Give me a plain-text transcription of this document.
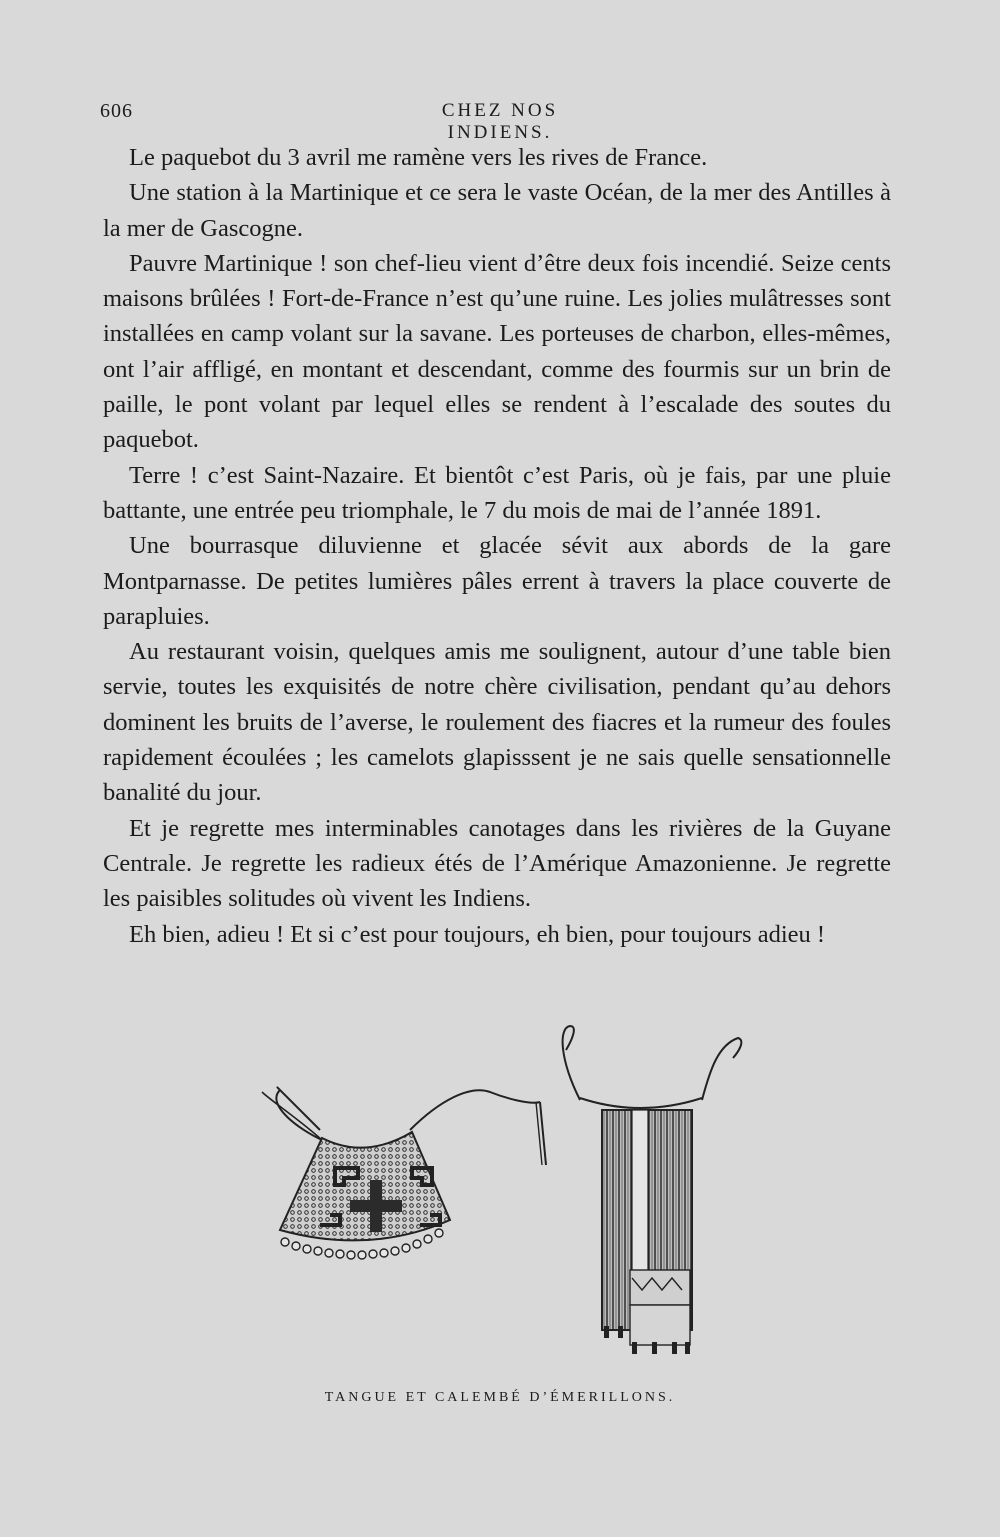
606	CHEZ NOS INDIENS.

Le paquebot du 3 avril me ramène vers les rives de France.

Une station à la Martinique et ce sera le vaste Océan, de la mer des Antilles à la mer de Gascogne.

Pauvre Martinique ! son chef-lieu vient d’être deux fois incendié. Seize cents maisons brûlées ! Fort-de-France n’est qu’une ruine. Les jolies mulâtresses sont installées en camp volant sur la savane. Les porteuses de charbon, elles-mêmes, ont l’air affligé, en montant et descendant, comme des fourmis sur un brin de paille, le pont volant par lequel elles se rendent à l’escalade des soutes du paquebot.

Terre ! c’est Saint-Nazaire. Et bientôt c’est Paris, où je fais, par une pluie battante, une entrée peu triomphale, le 7 du mois de mai de l’année 1891.

Une bourrasque diluvienne et glacée sévit aux abords de la gare Montparnasse. De petites lumières pâles errent à travers la place couverte de parapluies.

Au restaurant voisin, quelques amis me soulignent, autour d’une table bien servie, toutes les exquisités de notre chère civilisation, pendant qu’au dehors dominent les bruits de l’averse, le roulement des fiacres et la rumeur des foules rapidement écoulées ; les camelots glapisssent je ne sais quelle sensationnelle banalité du jour.

Et je regrette mes interminables canotages dans les rivières de la Guyane Centrale. Je regrette les radieux étés de l’Amérique Amazonienne. Je regrette les paisibles solitudes où vivent les Indiens.

Eh bien, adieu ! Et si c’est pour toujours, eh bien, pour toujours adieu !

TANGUE ET CALEMBÉ D’ÉMERILLONS.
